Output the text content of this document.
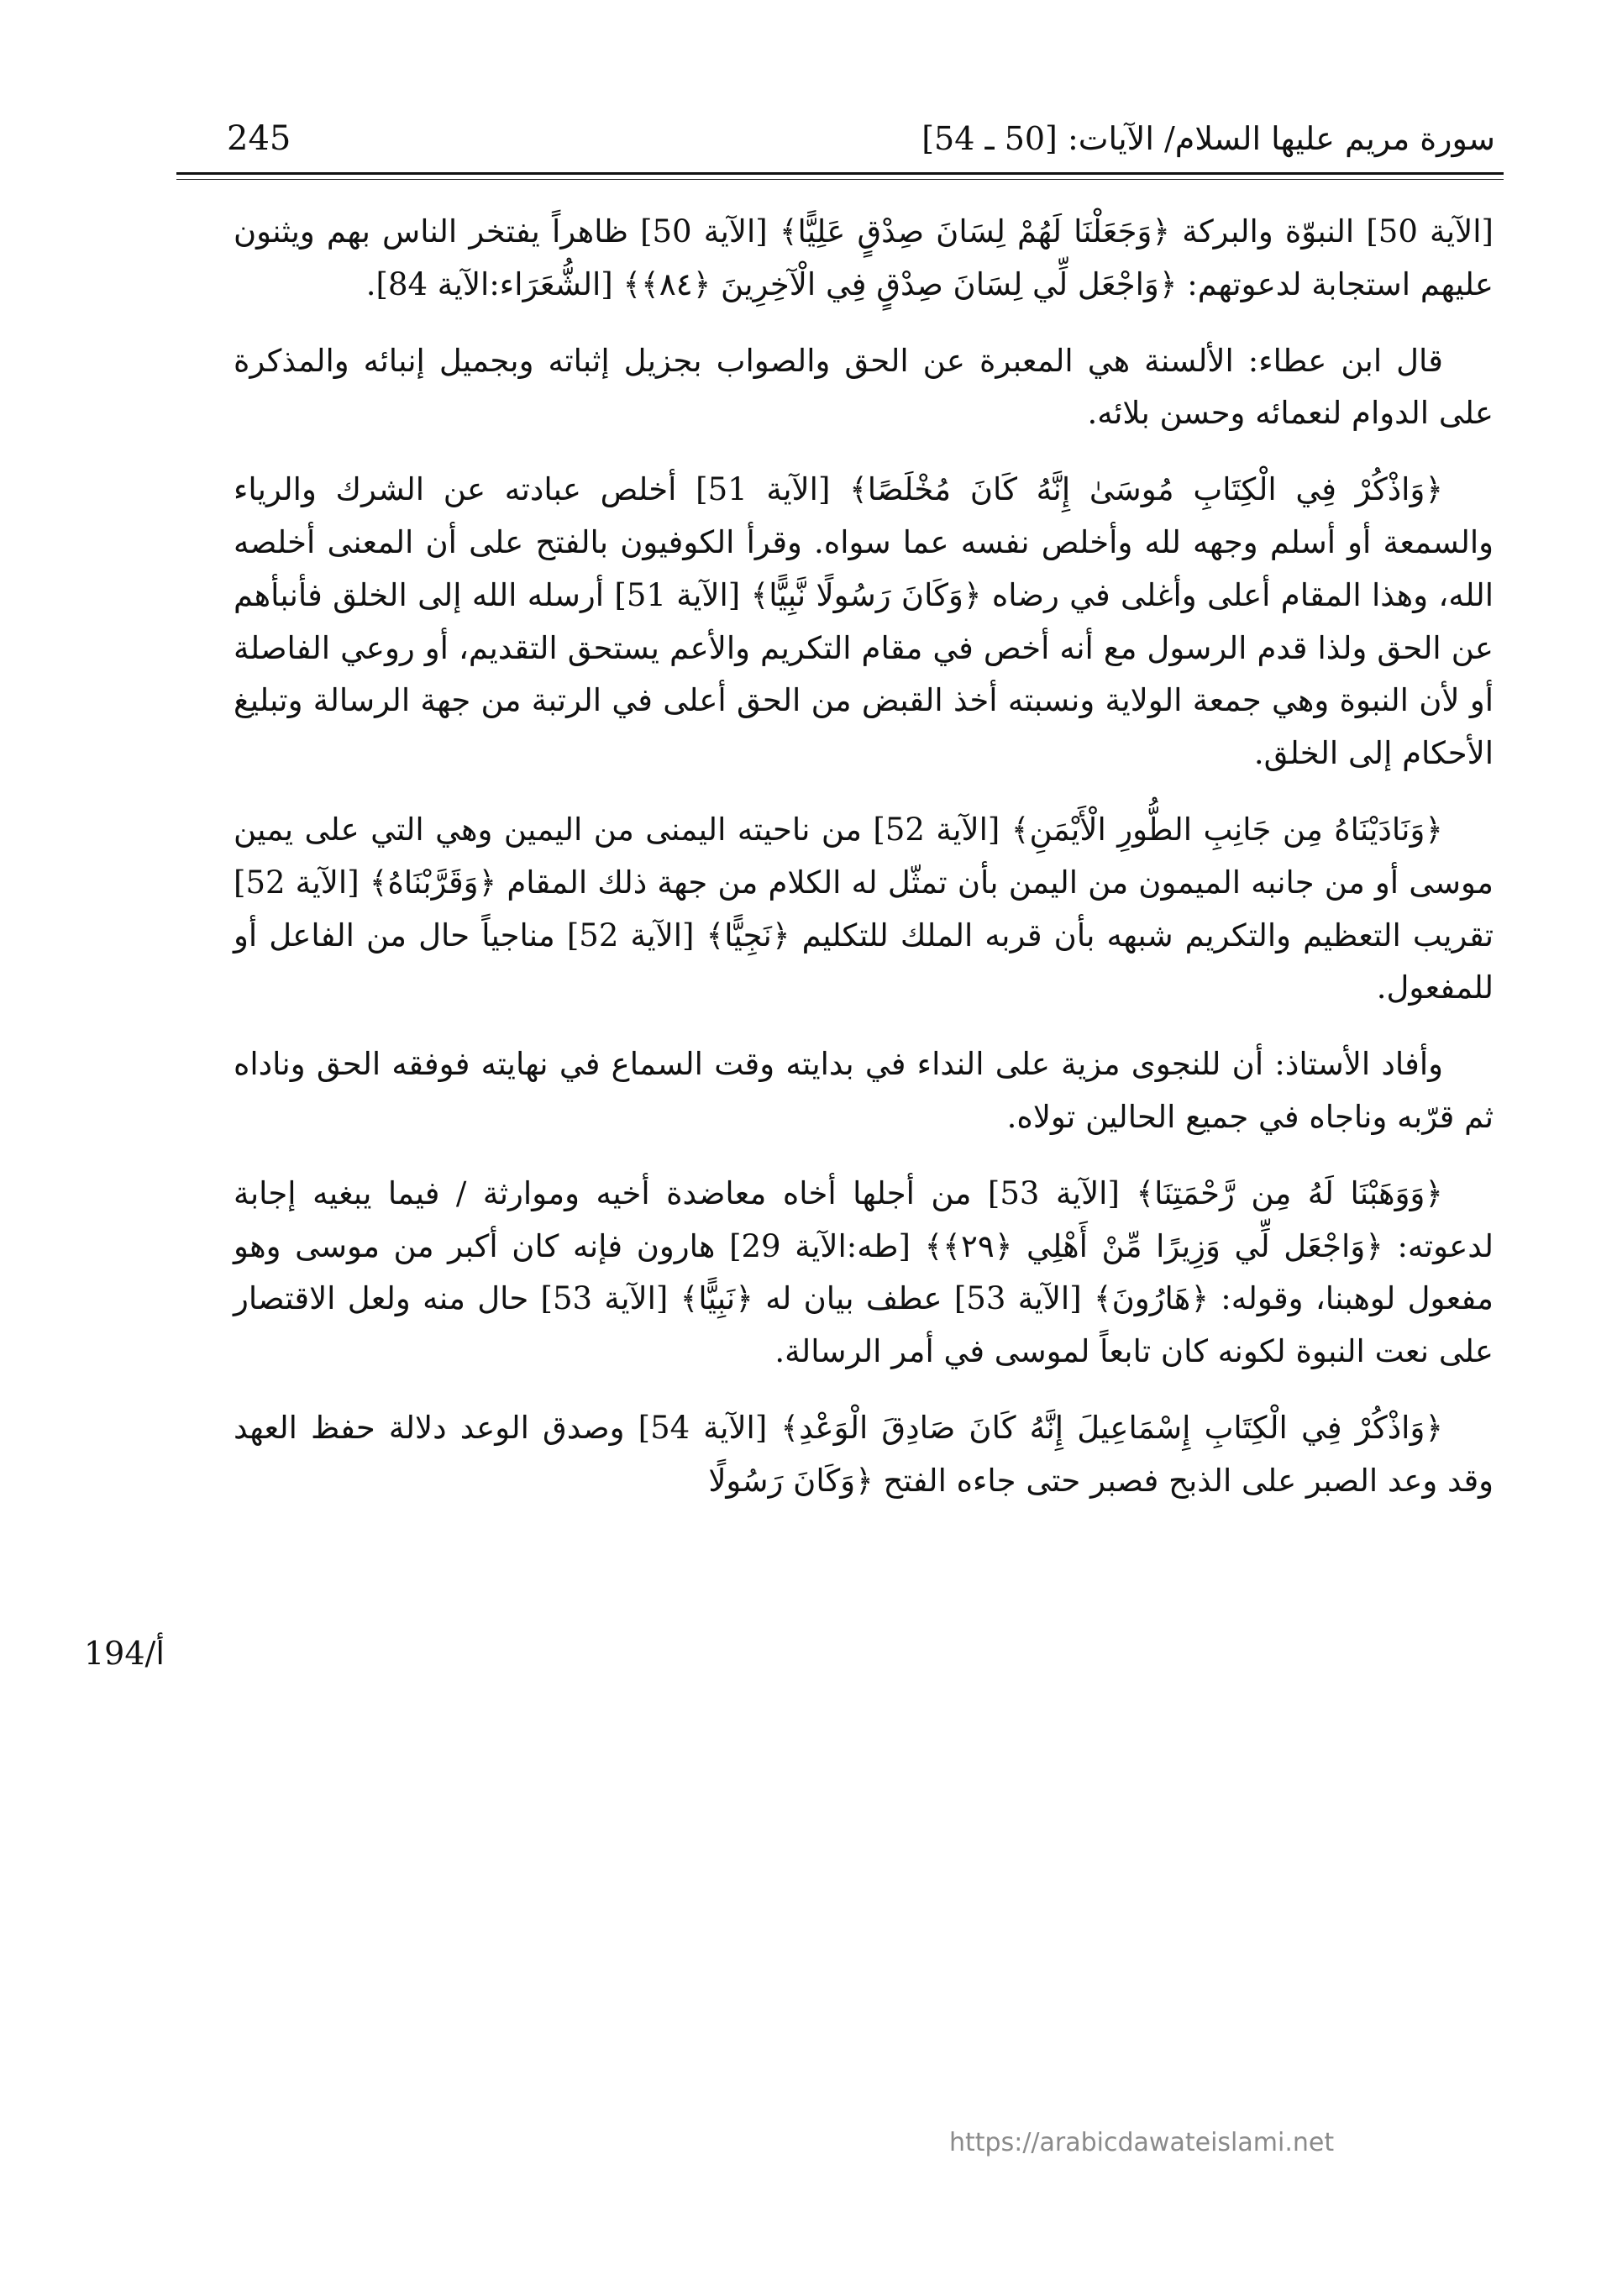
245	سورة مريم عليها السلام/ الآيات: [50 ـ 54]

[الآية 50] النبوّة والبركة ﴿وَجَعَلْنَا لَهُمْ لِسَانَ صِدْقٍ عَلِيًّا﴾ [الآية 50] ظاهراً يفتخر الناس بهم ويثنون عليهم استجابة لدعوتهم: ﴿وَاجْعَل لِّي لِسَانَ صِدْقٍ فِي الْآخِرِينَ ﴿٨٤﴾﴾ [الشُّعَرَاء:الآية 84].

قال ابن عطاء: الألسنة هي المعبرة عن الحق والصواب بجزيل إثباته وبجميل إنبائه والمذكرة على الدوام لنعمائه وحسن بلائه.

﴿وَاذْكُرْ فِي الْكِتَابِ مُوسَىٰ إِنَّهُ كَانَ مُخْلَصًا﴾ [الآية 51] أخلص عبادته عن الشرك والرياء والسمعة أو أسلم وجهه لله وأخلص نفسه عما سواه. وقرأ الكوفيون بالفتح على أن المعنى أخلصه الله، وهذا المقام أعلى وأغلى في رضاه ﴿وَكَانَ رَسُولًا نَّبِيًّا﴾ [الآية 51] أرسله الله إلى الخلق فأنبأهم عن الحق ولذا قدم الرسول مع أنه أخص في مقام التكريم والأعم يستحق التقديم، أو روعي الفاصلة أو لأن النبوة وهي جمعة الولاية ونسبته أخذ القبض من الحق أعلى في الرتبة من جهة الرسالة وتبليغ الأحكام إلى الخلق.

﴿وَنَادَيْنَاهُ مِن جَانِبِ الطُّورِ الْأَيْمَنِ﴾ [الآية 52] من ناحيته اليمنى من اليمين وهي التي على يمين موسى أو من جانبه الميمون من اليمن بأن تمثّل له الكلام من جهة ذلك المقام ﴿وَقَرَّبْنَاهُ﴾ [الآية 52] تقريب التعظيم والتكريم شبهه بأن قربه الملك للتكليم ﴿نَجِيًّا﴾ [الآية 52] مناجياً حال من الفاعل أو للمفعول.

وأفاد الأستاذ: أن للنجوى مزية على النداء في بدايته وقت السماع في نهايته فوفقه الحق وناداه ثم قرّبه وناجاه في جميع الحالين تولاه.

﴿وَوَهَبْنَا لَهُ مِن رَّحْمَتِنَا﴾ [الآية 53] من أجلها أخاه معاضدة أخيه وموارثة / فيما يبغيه إجابة لدعوته: ﴿وَاجْعَل لِّي وَزِيرًا مِّنْ أَهْلِي ﴿٢٩﴾﴾ [طه:الآية 29] هارون فإنه كان أكبر من موسى وهو مفعول لوهبنا، وقوله: ﴿هَارُونَ﴾ [الآية 53] عطف بيان له ﴿نَبِيًّا﴾ [الآية 53] حال منه ولعل الاقتصار على نعت النبوة لكونه كان تابعاً لموسى في أمر الرسالة.

﴿وَاذْكُرْ فِي الْكِتَابِ إِسْمَاعِيلَ إِنَّهُ كَانَ صَادِقَ الْوَعْدِ﴾ [الآية 54] وصدق الوعد دلالة حفظ العهد وقد وعد الصبر على الذبح فصبر حتى جاءه الفتح ﴿وَكَانَ رَسُولًا

194/أ
https://arabicdawateislami.net
